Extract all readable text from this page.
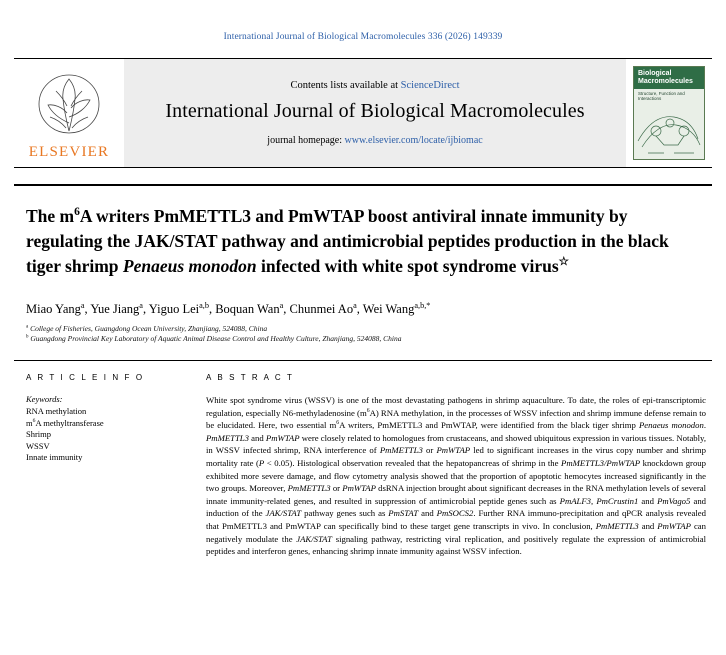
International Journal of Biological Macromolecules 336 (2026) 149339
ELSEVIER
Contents lists available at ScienceDirect
International Journal of Biological Macromolecules
journal homepage: www.elsevier.com/locate/ijbiomac
Biological
Macromolecules
Structure, Function and Interactions
The $m^6A$ writers PmMETTL3 and PmWTAP boost antiviral innate immunity by regulating the JAK/STAT pathway and antimicrobial peptides production in the black tiger shrimp Penaeus monodon infected with white spot syndrome virus☆
Miao Yang$^a$, Yue Jiang$^a$, Yiguo Lei$^{a,b}$, Boquan Wan$^a$, Chunmei Ao$^a$, Wei Wang$^{a,b,*}$
$^a$ College of Fisheries, Guangdong Ocean University, Zhanjiang, 524088, China
$^b$ Guangdong Provincial Key Laboratory of Aquatic Animal Disease Control and Healthy Culture, Zhanjiang, 524088, China
A R T I C L E I N F O
Keywords:
RNA methylation
$m^6A$ methyltransferase
Shrimp
WSSV
Innate immunity
A B S T R A C T
White spot syndrome virus (WSSV) is one of the most devastating pathogens in shrimp aquaculture. To date, the roles of epi-transcriptomic regulation, especially N6-methyladenosine $(m^6A)$ RNA methylation, in the processes of WSSV infection and shrimp immune defense remain to be elucidated. Here, two essential $m^6A$ writers, PmMETTL3 and PmWTAP, were identified from the black tiger shrimp Penaeus monodon. PmMETTL3 and PmWTAP were closely related to homologues from crustaceans, and showed ubiquitous expression in various tissues. Notably, in WSSV infected shrimp, RNA interference of PmMETTL3 or PmWTAP led to significant increases in the virus copy number and shrimp mortality rate (P < 0.05). Histological observation revealed that the hepatopancreas of shrimp in the PmMETTL3/PmWTAP knockdown group exhibited more severe damage, and flow cytometry analysis showed that the proportion of apoptotic hemocytes increased significantly in the two groups. Moreover, PmMETTL3 or PmWTAP dsRNA injection brought about significant decreases in the RNA methylation levels of several innate immunity-related genes, and resulted in suppression of antimicrobial peptide genes such as PmALF3, PmCrustin1 and PmVago5 and induction of the JAK/STAT pathway genes such as PmSTAT and PmSOCS2. Further RNA immuno-precipitation and qPCR analysis revealed that PmMETTL3 and PmWTAP can specifically bind to these target gene transcripts in vivo. In conclusion, PmMETTL3 and PmWTAP can negatively modulate the JAK/STAT signaling pathway, restricting viral replication, and positively regulate the expression of antimicrobial peptides and interferon genes, enhancing shrimp innate immunity against WSSV infection.
